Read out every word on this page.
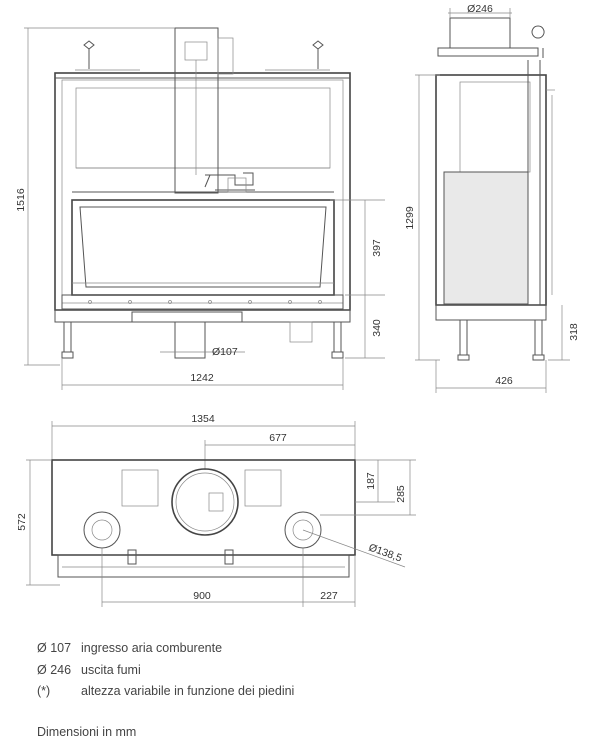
1516
397
340
Ø107
1242
Ø246
1299
318
426
1354
677
572
187
285
Ø138,5
900	227
Ø 107 ingresso aria comburente
Ø 246 uscita fumi
(*) altezza variabile in funzione dei piedini
Dimensioni in mm
